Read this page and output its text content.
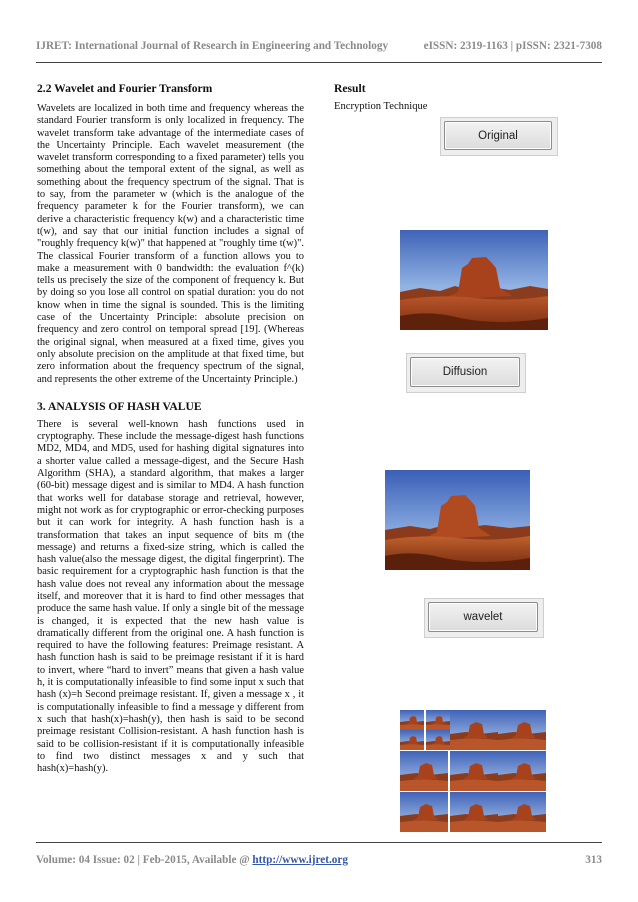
IJRET: International Journal of Research in Engineering and Technology	eISSN: 2319-1163 | pISSN: 2321-7308
2.2 Wavelet and Fourier Transform

Wavelets are localized in both time and frequency whereas the standard Fourier transform is only localized in frequency. The wavelet transform take advantage of the intermediate cases of the Uncertainty Principle. Each wavelet measurement (the wavelet transform corresponding to a fixed parameter) tells you something about the temporal extent of the signal, as well as something about the frequency spectrum of the signal. That is to say, from the parameter w (which is the analogue of the frequency parameter k for the Fourier transform), we can derive a characteristic frequency k(w) and a characteristic time t(w), and say that our initial function includes a signal of "roughly frequency k(w)" that happened at "roughly time t(w)". The classical Fourier transform of a function allows you to make a measurement with 0 bandwidth: the evaluation f^(k) tells us precisely the size of the component of frequency k. But by doing so you lose all control on spatial duration: you do not know when in time the signal is sounded. This is the limiting case of the Uncertainty Principle: absolute precision on frequency and zero control on temporal spread [19]. (Whereas the original signal, when measured at a fixed time, gives you only absolute precision on the amplitude at that fixed time, but zero information about the frequency spectrum of the signal, and represents the other extreme of the Uncertainty Principle.)

3. ANALYSIS OF HASH VALUE

There is several well-known hash functions used in cryptography. These include the message-digest hash functions MD2, MD4, and MD5, used for hashing digital signatures into a shorter value called a message-digest, and the Secure Hash Algorithm (SHA), a standard algorithm, that makes a larger (60-bit) message digest and is similar to MD4. A hash function that works well for database storage and retrieval, however, might not work as for cryptographic or error-checking purposes but it can work for integrity. A hash function hash is a transformation that takes an input sequence of bits m (the message) and returns a fixed-size string, which is called the hash value(also the message digest, the digital fingerprint). The basic requirement for a cryptographic hash function is that the hash value does not reveal any information about the message itself, and moreover that it is hard to find other messages that produce the same hash value. If only a single bit of the message is changed, it is expected that the new hash value is dramatically different from the original one. A hash function is required to have the following features: Preimage resistant. A hash function hash is said to be preimage resistant if it is hard to invert, where “hard to invert” means that given a hash value h, it is computationally infeasible to find some input x such that hash (x)=h Second preimage resistant. If, given a message x , it is computationally infeasible to find a message y different from x such that hash(x)=hash(y), then hash is said to be second preimage resistant Collision-resistant. A hash function hash is said to be collision-resistant if it is computationally infeasible to find two distinct messages x and y such that hash(x)=hash(y).

Result
Encryption Technique
Original
Diffusion
wavelet
Volume: 04 Issue: 02 | Feb-2015, Available @ http://www.ijret.org	313
